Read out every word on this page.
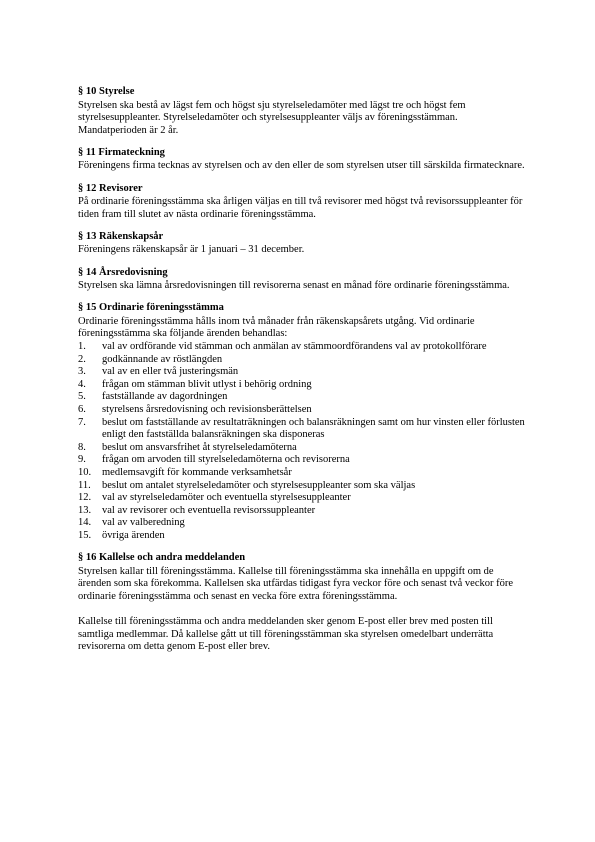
§ 10 Styrelse

Styrelsen ska bestå av lägst fem och högst sju styrelseledamöter med lägst tre och högst fem styrelsesuppleanter. Styrelseledamöter och styrelsesuppleanter väljs av föreningsstämman. Mandatperioden är 2 år.

§ 11 Firmateckning

Föreningens firma tecknas av styrelsen och av den eller de som styrelsen utser till särskilda firmatecknare.

§ 12 Revisorer

På ordinarie föreningsstämma ska årligen väljas en till två revisorer med högst två revisorssuppleanter för tiden fram till slutet av nästa ordinarie föreningsstämma.

§ 13 Räkenskapsår

Föreningens räkenskapsår är 1 januari – 31 december.

§ 14 Årsredovisning

Styrelsen ska lämna årsredovisningen till revisorerna senast en månad före ordinarie föreningsstämma.

§ 15 Ordinarie föreningsstämma

Ordinarie föreningsstämma hålls inom två månader från räkenskapsårets utgång. Vid ordinarie föreningsstämma ska följande ärenden behandlas:

1.	val av ordförande vid stämman och anmälan av stämmoordförandens val av protokollförare
2.	godkännande av röstlängden
3.	val av en eller två justeringsmän
4.	frågan om stämman blivit utlyst i behörig ordning
5.	fastställande av dagordningen
6.	styrelsens årsredovisning och revisionsberättelsen
7.	beslut om fastställande av resultaträkningen och balansräkningen samt om hur vinsten eller förlusten enligt den fastställda balansräkningen ska disponeras
8.	beslut om ansvarsfrihet åt styrelseledamöterna
9.	frågan om arvoden till styrelseledamöterna och revisorerna
10.	medlemsavgift för kommande verksamhetsår
11.	beslut om antalet styrelseledamöter och styrelsesuppleanter som ska väljas
12.	val av styrelseledamöter och eventuella styrelsesuppleanter
13.	val av revisorer och eventuella revisorssuppleanter
14.	val av valberedning
15.	övriga ärenden
§ 16 Kallelse och andra meddelanden

Styrelsen kallar till föreningsstämma. Kallelse till föreningsstämma ska innehålla en uppgift om de ärenden som ska förekomma. Kallelsen ska utfärdas tidigast fyra veckor före och senast två veckor före ordinarie föreningsstämma och senast en vecka före extra föreningsstämma.

Kallelse till föreningsstämma och andra meddelanden sker genom E-post eller brev med posten till samtliga medlemmar. Då kallelse gått ut till föreningsstämman ska styrelsen omedelbart underrätta revisorerna om detta genom E-post eller brev.
